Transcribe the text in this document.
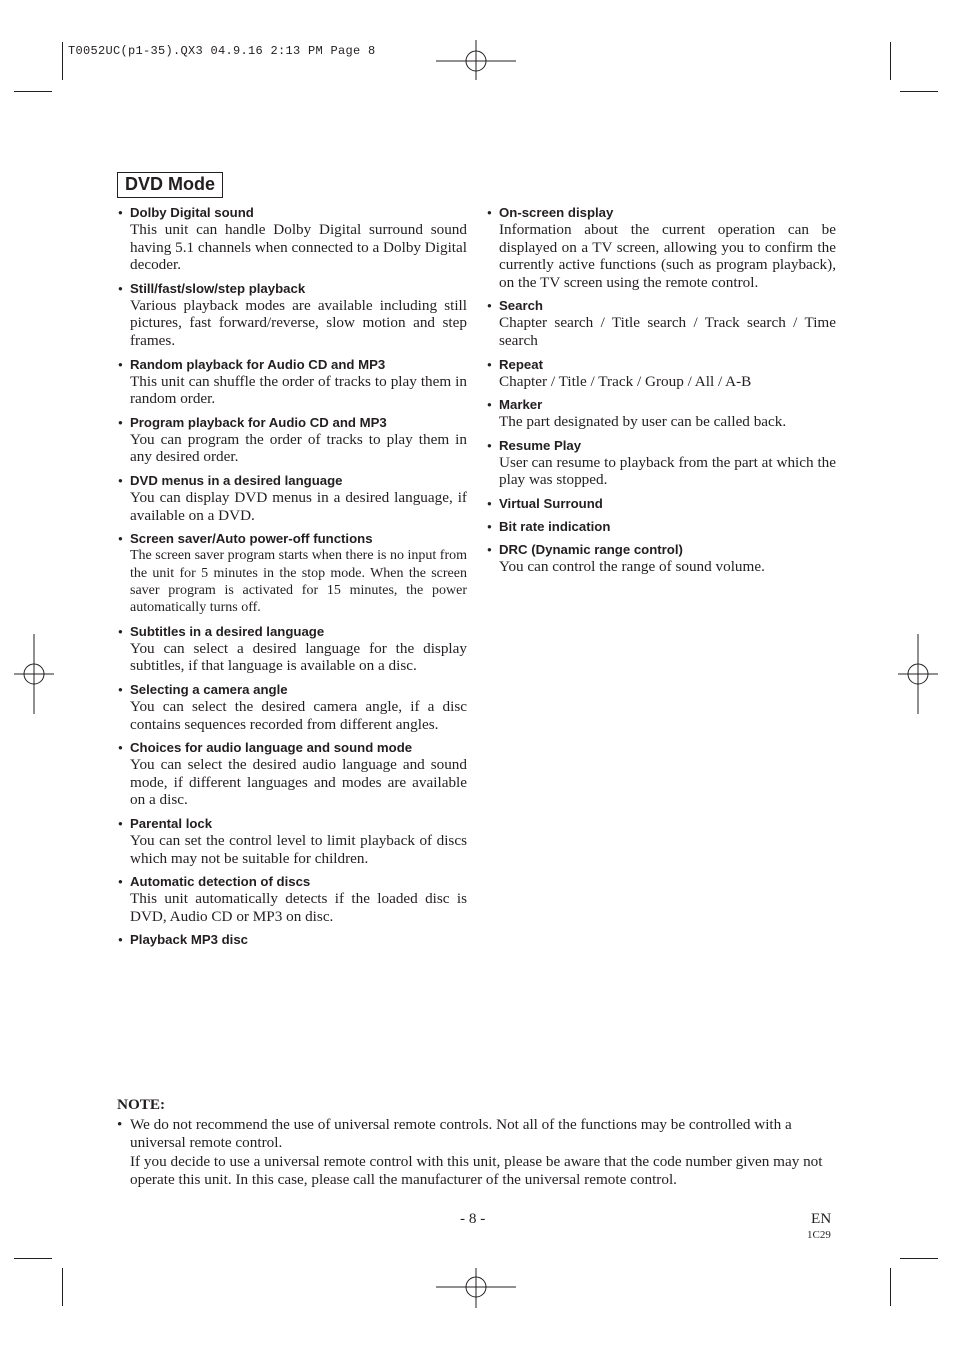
T0052UC(p1-35).QX3 04.9.16 2:13 PM Page 8
DVD Mode
● Dolby Digital sound
This unit can handle Dolby Digital surround sound having 5.1 channels when connected to a Dolby Digital decoder.
● Still/fast/slow/step playback
Various playback modes are available including still pictures, fast forward/reverse, slow motion and step frames.
● Random playback for Audio CD and MP3
This unit can shuffle the order of tracks to play them in random order.
● Program playback for Audio CD and MP3
You can program the order of tracks to play them in any desired order.
● DVD menus in a desired language
You can display DVD menus in a desired language, if available on a DVD.
● Screen saver/Auto power-off functions
The screen saver program starts when there is no input from the unit for 5 minutes in the stop mode. When the screen saver program is activated for 15 minutes, the power automatically turns off.
● Subtitles in a desired language
You can select a desired language for the display subtitles, if that language is available on a disc.
● Selecting a camera angle
You can select the desired camera angle, if a disc contains sequences recorded from different angles.
● Choices for audio language and sound mode
You can select the desired audio language and sound mode, if different languages and modes are available on a disc.
● Parental lock
You can set the control level to limit playback of discs which may not be suitable for children.
● Automatic detection of discs
This unit automatically detects if the loaded disc is DVD, Audio CD or MP3 on disc.
● Playback MP3 disc
● On-screen display
Information about the current operation can be displayed on a TV screen, allowing you to confirm the currently active functions (such as program playback), on the TV screen using the remote control.
● Search
Chapter search / Title search / Track search / Time search
● Repeat
Chapter / Title / Track / Group / All / A-B
● Marker
The part designated by user can be called back.
● Resume Play
User can resume to playback from the part at which the play was stopped.
● Virtual Surround
● Bit rate indication
● DRC (Dynamic range control)
You can control the range of sound volume.
NOTE:
• We do not recommend the use of universal remote controls. Not all of the functions may be controlled with a universal remote control.
If you decide to use a universal remote control with this unit, please be aware that the code number given may not operate this unit. In this case, please call the manufacturer of the universal remote control.
- 8 -	EN
1C29
